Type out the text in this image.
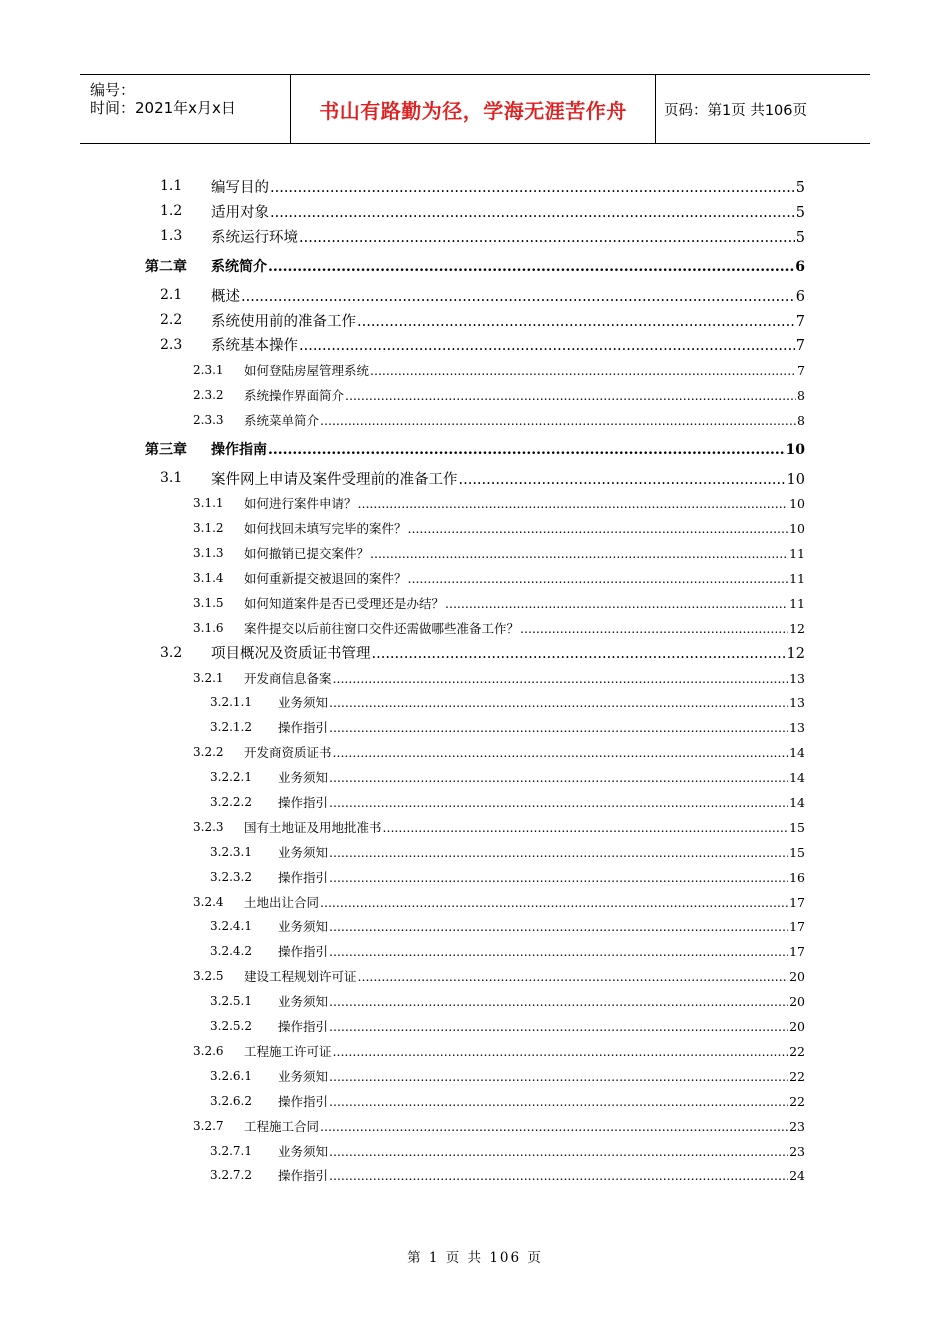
编号：
时间：2021年x月x日	书山有路勤为径，学海无涯苦作舟	页码：第1页 共106页
1.1 编写目的 .....	5
1.2 适用对象 .....	5
1.3 系统运行环境 .....	5
第二章 系统简介 .....	6
2.1 概述 .....	6
2.2 系统使用前的准备工作 .....	7
2.3 系统基本操作 .....	7
2.3.1 如何登陆房屋管理系统 .....	7
2.3.2 系统操作界面简介 .....	8
2.3.3 系统菜单简介 .....	8
第三章 操作指南 .....	10
3.1 案件网上申请及案件受理前的准备工作 .....	10
3.1.1 如何进行案件申请？ .....	10
3.1.2 如何找回未填写完毕的案件？ .....	10
3.1.3 如何撤销已提交案件？ .....	11
3.1.4 如何重新提交被退回的案件？ .....	11
3.1.5 如何知道案件是否已受理还是办结？ .....	11
3.1.6 案件提交以后前往窗口交件还需做哪些准备工作？ .....	12
3.2 项目概况及资质证书管理 .....	12
3.2.1 开发商信息备案 .....	13
3.2.1.1 业务须知 .....	13
3.2.1.2 操作指引 .....	13
3.2.2 开发商资质证书 .....	14
3.2.2.1 业务须知 .....	14
3.2.2.2 操作指引 .....	14
3.2.3 国有土地证及用地批准书 .....	15
3.2.3.1 业务须知 .....	15
3.2.3.2 操作指引 .....	16
3.2.4 土地出让合同 .....	17
3.2.4.1 业务须知 .....	17
3.2.4.2 操作指引 .....	17
3.2.5 建设工程规划许可证 .....	20
3.2.5.1 业务须知 .....	20
3.2.5.2 操作指引 .....	20
3.2.6 工程施工许可证 .....	22
3.2.6.1 业务须知 .....	22
3.2.6.2 操作指引 .....	22
3.2.7 工程施工合同 .....	23
3.2.7.1 业务须知 .....	23
3.2.7.2 操作指引 .....	24
第 1 页 共 106 页
